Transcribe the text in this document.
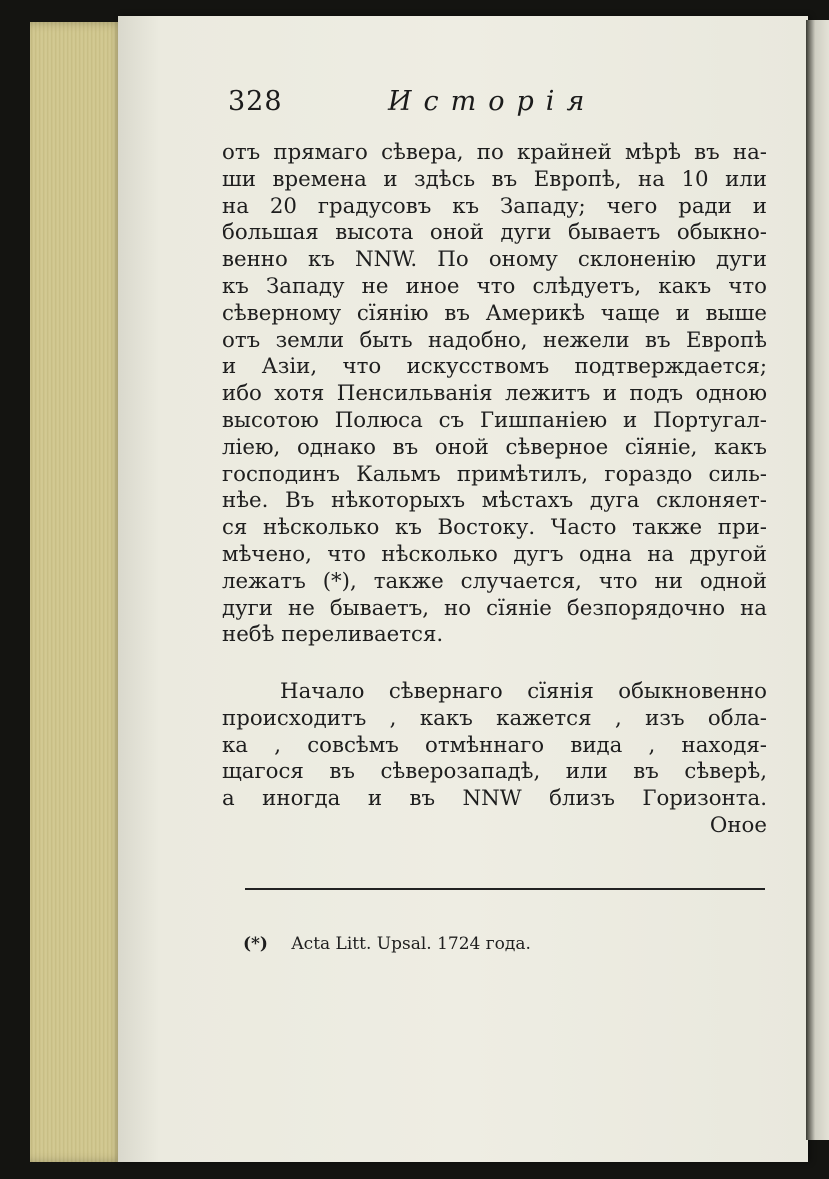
328	Исторія
отъ прямаго сѣвера, по крайней мѣрѣ въ на-
ши времена и здѣсь въ Европѣ, на 10 или
на 20 градусовъ къ Западу; чего ради и
большая высота оной дуги бываетъ обыкно-
венно къ NNW. По оному склоненію дуги
къ Западу не иное что слѣдуетъ, какъ что
сѣверному сїянію въ Америкѣ чаще и выше
отъ земли быть надобно, нежели въ Европѣ
и Азіи, что искусствомъ подтверждается;
ибо хотя Пенсильванія лежитъ и подъ одною
высотою Полюса съ Гишпаніею и Португал-
ліею, однако въ оной сѣверное сїяніе, какъ
господинъ Кальмъ примѣтилъ, гораздо силь-
нѣе. Въ нѣкоторыхъ мѣстахъ дуга склоняет-
ся нѣсколько къ Востоку. Часто также при-
мѣчено, что нѣсколько дугъ одна на другой
лежатъ (*), также случается, что ни одной
дуги не бываетъ, но сїяніе безпорядочно на
небѣ переливается.
Начало сѣвернаго сїянія обыкновенно
происходитъ , какъ кажется , изъ обла-
ка , совсѣмъ отмѣннаго вида , находя-
щагося въ сѣверозападѣ, или въ сѣверѣ,
а иногда и въ NNW близъ Горизонта.
Оное
(*) Acta Litt. Upsal. 1724 года.
